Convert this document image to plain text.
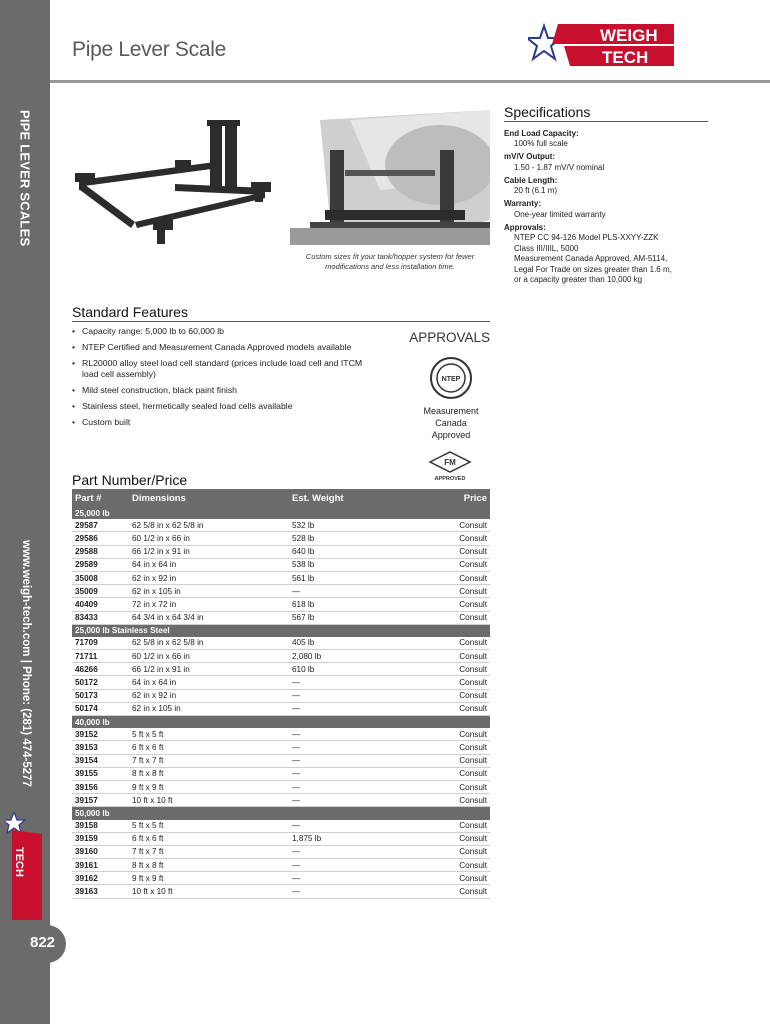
PIPE LEVER SCALES
www.weigh-tech.com | Phone: (281) 474-5277
TECH
822
Pipe Lever Scale
WEIGH
TECH
Custom sizes fit your tank/hopper system for fewer modifications and less installation time.
Specifications
End Load Capacity:
100% full scale
mV/V Output:
1.50 - 1.87 mV/V nominal
Cable Length:
20 ft (6.1 m)
Warranty:
One-year limited warranty
Approvals:
NTEP CC 94-126 Model PLS-XXYY-ZZK
Class III/IIIL, 5000
Measurement Canada Approved, AM-5114,
Legal For Trade on sizes greater than 1.6 m,
or a capacity greater than 10,000 kg
Standard Features
• Capacity range: 5,000 lb to 60,000 lb
• NTEP Certified and Measurement Canada Approved models available
• RL20000 alloy steel load cell standard (prices include load cell and ITCM load cell assembly)
• Mild steel construction, black paint finish
• Stainless steel, hermetically sealed load cells available
• Custom built
APPROVALS
NTEP
Measurement
Canada
Approved
FM
APPROVED
Part Number/Price
Part #	Dimensions	Est. Weight	Price
25,000 lb			
29587	62 5/8 in x 62 5/8 in	532 lb	Consult
29586	60 1/2 in x 66 in	528 lb	Consult
29588	66 1/2 in x 91 in	640 lb	Consult
29589	64 in x 64 in	538 lb	Consult
35008	62 in x 92 in	561 lb	Consult
35009	62 in x 105 in	—	Consult
40409	72 in x 72 in	618 lb	Consult
83433	64 3/4 in x 64 3/4 in	567 lb	Consult
25,000 lb Stainless Steel			
71709	62 5/8 in x 62 5/8 in	405 lb	Consult
71711	60 1/2 in x 66 in	2,080 lb	Consult
46266	66 1/2 in x 91 in	610 lb	Consult
50172	64 in x 64 in	—	Consult
50173	62 in x 92 in	—	Consult
50174	62 in x 105 in	—	Consult
40,000 lb			
39152	5 ft x 5 ft	—	Consult
39153	6 ft x 6 ft	—	Consult
39154	7 ft x 7 ft	—	Consult
39155	8 ft x 8 ft	—	Consult
39156	9 ft x 9 ft	—	Consult
39157	10 ft x 10 ft	—	Consult
50,000 lb			
39158	5 ft x 5 ft	—	Consult
39159	6 ft x 6 ft	1,875 lb	Consult
39160	7 ft x 7 ft	—	Consult
39161	8 ft x 8 ft	—	Consult
39162	9 ft x 9 ft	—	Consult
39163	10 ft x 10 ft	—	Consult
